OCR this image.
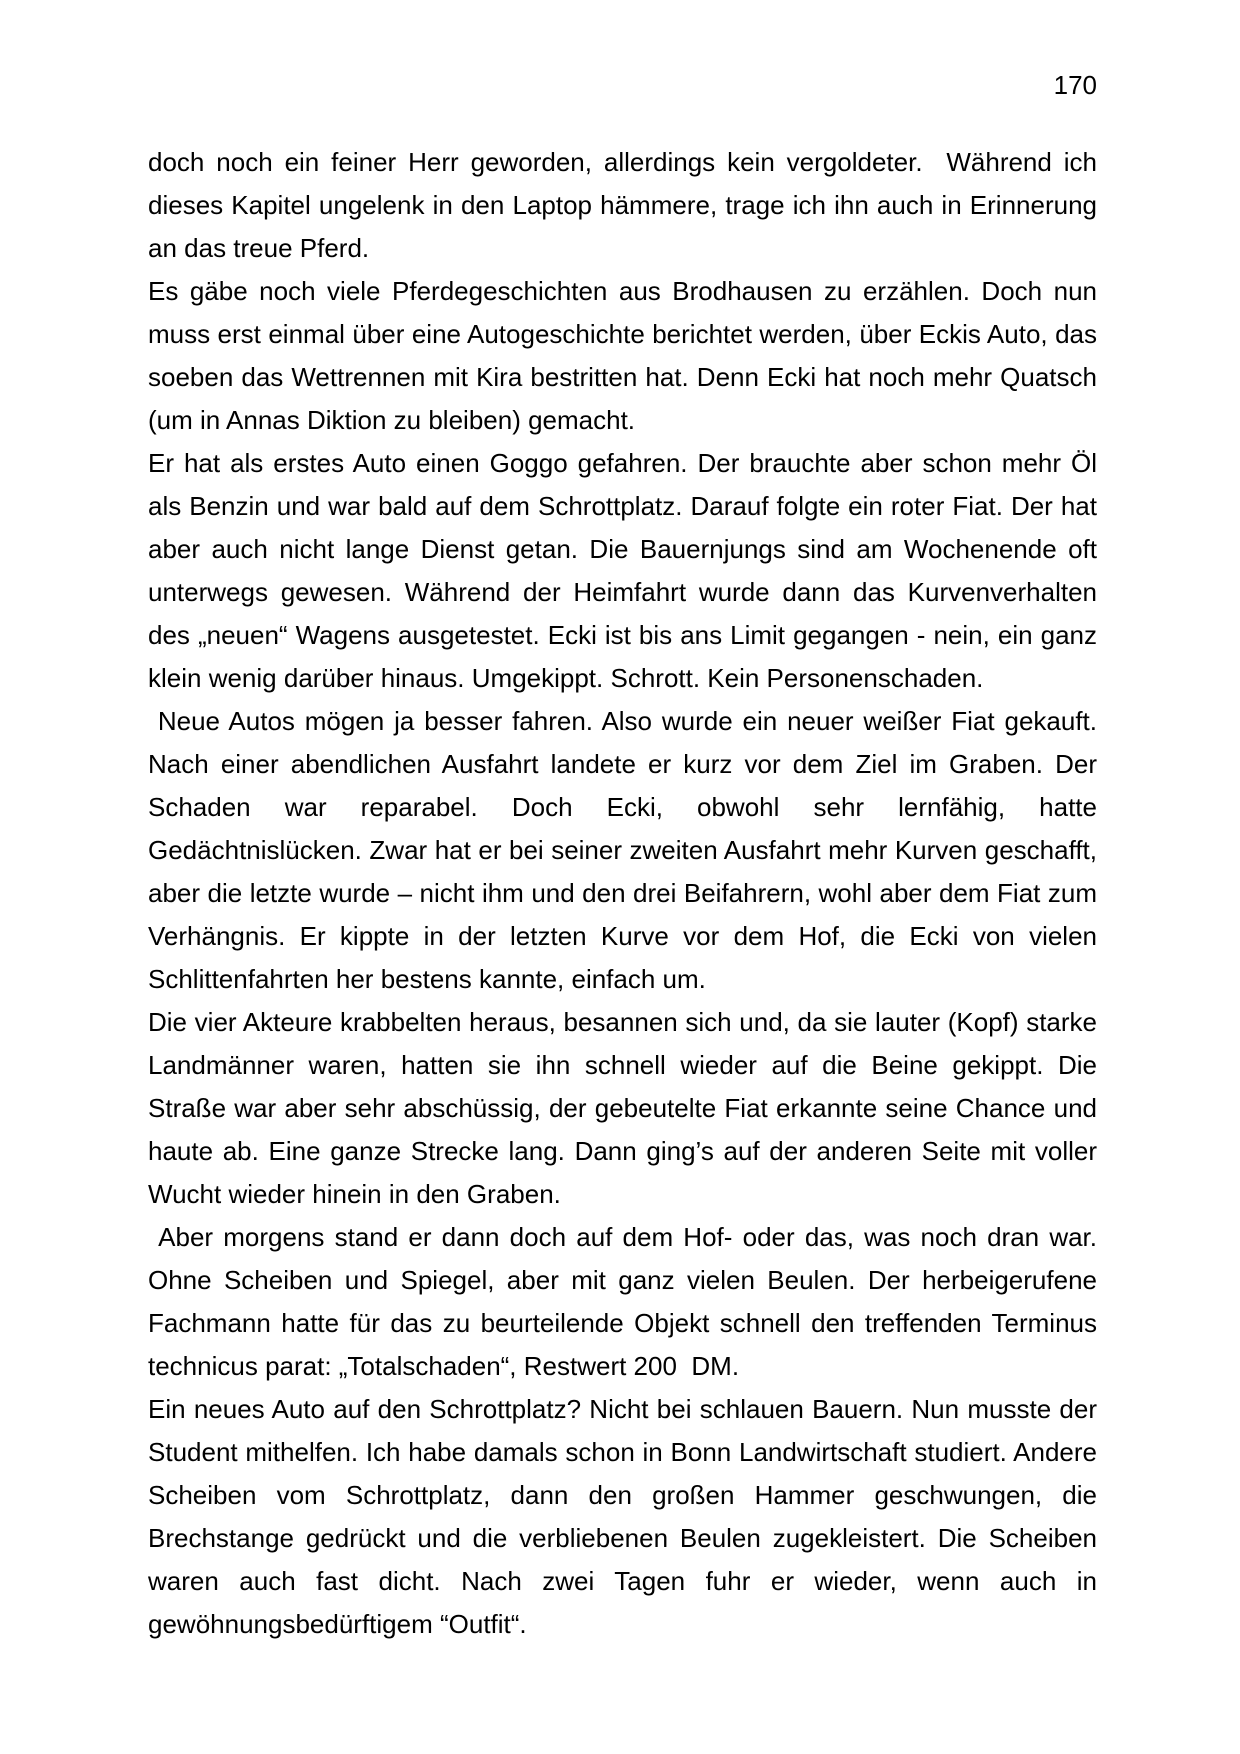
170

doch noch ein feiner Herr geworden, allerdings kein vergoldeter.  Während ich dieses Kapitel ungelenk in den Laptop hämmere, trage ich ihn auch in Erinnerung an das treue Pferd.

Es gäbe noch viele Pferdegeschichten aus Brodhausen zu erzählen. Doch nun muss erst einmal über eine Autogeschichte berichtet werden, über Eckis Auto, das soeben das Wettrennen mit Kira bestritten hat. Denn Ecki hat noch mehr Quatsch (um in Annas Diktion zu bleiben) gemacht.

Er hat als erstes Auto einen Goggo gefahren. Der brauchte aber schon mehr Öl als Benzin und war bald auf dem Schrottplatz. Darauf folgte ein roter Fiat. Der hat aber auch nicht lange Dienst getan. Die Bauernjungs sind am Wochenende oft unterwegs gewesen. Während der Heimfahrt wurde dann das Kurvenverhalten des „neuen“ Wagens ausgetestet. Ecki ist bis ans Limit gegangen - nein, ein ganz klein wenig darüber hinaus. Umgekippt. Schrott. Kein Personenschaden.

Neue Autos mögen ja besser fahren. Also wurde ein neuer weißer Fiat gekauft. Nach einer abendlichen Ausfahrt landete er kurz vor dem Ziel im Graben. Der Schaden war reparabel. Doch Ecki, obwohl sehr lernfähig, hatte Gedächtnislücken. Zwar hat er bei seiner zweiten Ausfahrt mehr Kurven geschafft, aber die letzte wurde – nicht ihm und den drei Beifahrern, wohl aber dem Fiat zum Verhängnis. Er kippte in der letzten Kurve vor dem Hof, die Ecki von vielen Schlittenfahrten her bestens kannte, einfach um.

Die vier Akteure krabbelten heraus, besannen sich und, da sie lauter (Kopf) starke Landmänner waren, hatten sie ihn schnell wieder auf die Beine gekippt. Die Straße war aber sehr abschüssig, der gebeutelte Fiat erkannte seine Chance und haute ab. Eine ganze Strecke lang. Dann ging’s auf der anderen Seite mit voller Wucht wieder hinein in den Graben.

Aber morgens stand er dann doch auf dem Hof- oder das, was noch dran war. Ohne Scheiben und Spiegel, aber mit ganz vielen Beulen. Der herbeigerufene Fachmann hatte für das zu beurteilende Objekt schnell den treffenden Terminus technicus parat: „Totalschaden“, Restwert 200  DM.

Ein neues Auto auf den Schrottplatz? Nicht bei schlauen Bauern. Nun musste der Student mithelfen. Ich habe damals schon in Bonn Landwirtschaft studiert. Andere Scheiben vom Schrottplatz, dann den großen Hammer geschwungen, die Brechstange gedrückt und die verbliebenen Beulen zugekleistert. Die Scheiben waren auch fast dicht. Nach zwei Tagen fuhr er wieder, wenn auch in gewöhnungsbedürftigem “Outfit“.
